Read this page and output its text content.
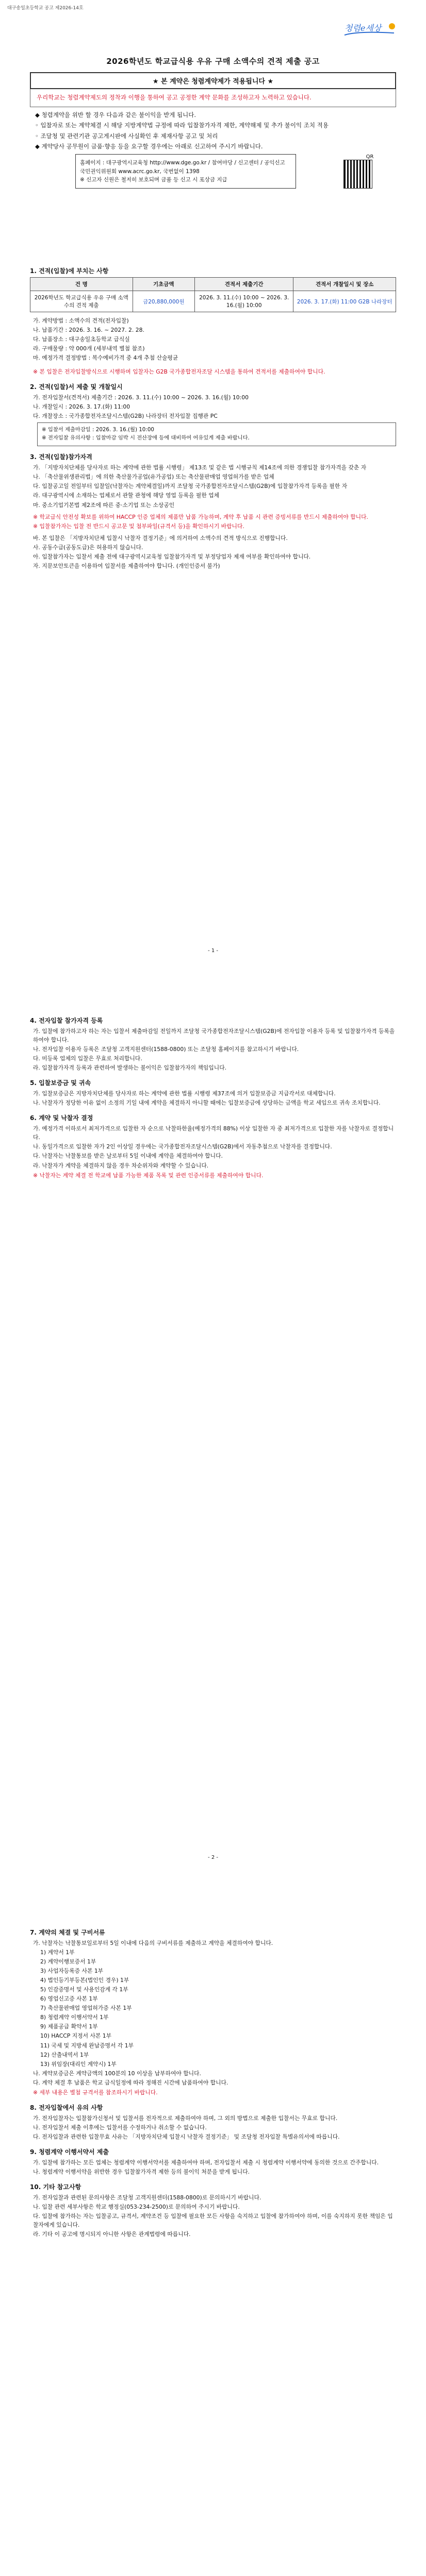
대구송일초등학교 공고 제2026-14호
청렴e세상
2026학년도 학교급식용 우유 구매 소액수의 견적 제출 공고
★ 본 계약은 청렴계약제가 적용됩니다 ★
우리학교는 청렴계약제도의 정착과 이행을 통하여 공고 공정한 계약 문화를 조성하고자 노력하고 있습니다.

◆ 청렴계약을 위반 할 경우 다음과 같은 불이익을 받게 됩니다.

◦ 입찰자로 또는 계약체결 시 해당 지방계약법 규정에 따라 입찰참가자격 제한, 계약해제 및 추가 불이익 조치 적용

◦ 조달청 및 관련기관 공고게시판에 사실확인 후 제재사항 공고 및 처리

◆ 계약당사 공무원이 금품·향응 등을 요구할 경우에는 아래로 신고하여 주시기 바랍니다.

홈페이지 : 대구광역시교육청 http://www.dge.go.kr / 참여마당 / 신고센터 / 공익신고
국민권익위원회 www.acrc.go.kr, 국번없이 1398
※ 신고자 신원은 철저히 보호되며 금품 등 신고 시 포상금 지급
QR
1. 견적(입찰)에 부치는 사항
건 명	기초금액	견적서 제출기간	견적서 개찰일시 및 장소
2026학년도 학교급식용 우유 구매 소액수의 견적 제출	금20,880,000원	2026. 3. 11.(수) 10:00 ~ 2026. 3. 16.(월) 10:00	2026. 3. 17.(화) 11:00 G2B 나라장터

가. 계약방법 : 소액수의 견적(전자입찰)

나. 납품기간 : 2026. 3. 16. ~ 2027. 2. 28.

다. 납품장소 : 대구송일초등학교 급식실

라. 구매물량 : 약 000개 (세부내역 별첨 참조)

마. 예정가격 결정방법 : 복수예비가격 중 4개 추첨 산술평균

※ 본 입찰은 전자입찰방식으로 시행하며 입찰자는 G2B 국가종합전자조달 시스템을 통하여 견적서를 제출하여야 합니다.
2. 견적(입찰)서 제출 및 개찰일시

가. 전자입찰서(견적서) 제출기간 : 2026. 3. 11.(수) 10:00 ~ 2026. 3. 16.(월) 10:00

나. 개찰일시 : 2026. 3. 17.(화) 11:00

다. 개찰장소 : 국가종합전자조달시스템(G2B) 나라장터 전자입찰 집행관 PC

※ 입찰서 제출마감일 : 2026. 3. 16.(월) 10:00
※ 전자입찰 유의사항 : 입찰마감 임박 시 전산장애 등에 대비하여 여유있게 제출 바랍니다.
3. 견적(입찰)참가자격

가. 「지방자치단체를 당사자로 하는 계약에 관한 법률 시행령」 제13조 및 같은 법 시행규칙 제14조에 의한 경쟁입찰 참가자격을 갖춘 자

나. 「축산물위생관리법」에 의한 축산물가공업(유가공업) 또는 축산물판매업 영업허가를 받은 업체

다. 입찰공고일 전일부터 입찰일(낙찰자는 계약체결일)까지 조달청 국가종합전자조달시스템(G2B)에 입찰참가자격 등록을 필한 자

라. 대구광역시에 소재하는 업체로서 관할 관청에 해당 영업 등록을 필한 업체

마. 중소기업기본법 제2조에 따른 중·소기업 또는 소상공인

※ 학교급식 안전성 확보를 위하여 HACCP 인증 업체의 제품만 납품 가능하며, 계약 후 납품 시 관련 증빙서류를 반드시 제출하여야 합니다.

※ 입찰참가자는 입찰 전 반드시 공고문 및 첨부파일(규격서 등)을 확인하시기 바랍니다.

바. 본 입찰은 「지방자치단체 입찰시 낙찰자 결정기준」에 의거하여 소액수의 견적 방식으로 진행합니다.

사. 공동수급(공동도급)은 허용하지 않습니다.

아. 입찰참가자는 입찰서 제출 전에 대구광역시교육청 입찰참가자격 및 부정당업자 제재 여부를 확인하여야 합니다.

자. 지문보안토큰을 이용하여 입찰서를 제출하여야 합니다. (개인인증서 불가)

- 1 -
4. 전자입찰 참가자격 등록

가. 입찰에 참가하고자 하는 자는 입찰서 제출마감일 전일까지 조달청 국가종합전자조달시스템(G2B)에 전자입찰 이용자 등록 및 입찰참가자격 등록을 하여야 합니다.

나. 전자입찰 이용자 등록은 조달청 고객지원센터(1588-0800) 또는 조달청 홈페이지를 참고하시기 바랍니다.

다. 미등록 업체의 입찰은 무효로 처리합니다.

라. 입찰참가자격 등록과 관련하여 발생하는 불이익은 입찰참가자의 책임입니다.

5. 입찰보증금 및 귀속

가. 입찰보증금은 지방자치단체를 당사자로 하는 계약에 관한 법률 시행령 제37조에 의거 입찰보증금 지급각서로 대체합니다.

나. 낙찰자가 정당한 이유 없이 소정의 기일 내에 계약을 체결하지 아니할 때에는 입찰보증금에 상당하는 금액을 학교 세입으로 귀속 조치합니다.

6. 계약 및 낙찰자 결정

가. 예정가격 이하로서 최저가격으로 입찰한 자 순으로 낙찰하한율(예정가격의 88%) 이상 입찰한 자 중 최저가격으로 입찰한 자를 낙찰자로 결정합니다.

나. 동일가격으로 입찰한 자가 2인 이상일 경우에는 국가종합전자조달시스템(G2B)에서 자동추첨으로 낙찰자를 결정합니다.

다. 낙찰자는 낙찰통보를 받은 날로부터 5일 이내에 계약을 체결하여야 합니다.

라. 낙찰자가 계약을 체결하지 않을 경우 차순위자와 계약할 수 있습니다.

※ 낙찰자는 계약 체결 전 학교에 납품 가능한 제품 목록 및 관련 인증서류를 제출하여야 합니다.
- 2 -
7. 계약의 체결 및 구비서류

가. 낙찰자는 낙찰통보일로부터 5일 이내에 다음의 구비서류를 제출하고 계약을 체결하여야 합니다.

1) 계약서 1부

2) 계약이행보증서 1부

3) 사업자등록증 사본 1부

4) 법인등기부등본(법인인 경우) 1부

5) 인감증명서 및 사용인감계 각 1부

6) 영업신고증 사본 1부

7) 축산물판매업 영업허가증 사본 1부

8) 청렴계약 이행서약서 1부

9) 제품공급 확약서 1부

10) HACCP 지정서 사본 1부

11) 국세 및 지방세 완납증명서 각 1부

12) 산출내역서 1부

13) 위임장(대리인 계약시) 1부

나. 계약보증금은 계약금액의 100분의 10 이상을 납부하여야 합니다.

다. 계약 체결 후 납품은 학교 급식일정에 따라 정해진 시간에 납품하여야 합니다.

※ 세부 내용은 별첨 규격서를 참조하시기 바랍니다.
8. 전자입찰에서 유의 사항

가. 전자입찰자는 입찰참가신청서 및 입찰서를 전자적으로 제출하여야 하며, 그 외의 방법으로 제출한 입찰서는 무효로 합니다.

나. 전자입찰서 제출 이후에는 입찰서를 수정하거나 취소할 수 없습니다.

다. 전자입찰과 관련한 입찰무효 사유는 「지방자치단체 입찰시 낙찰자 결정기준」 및 조달청 전자입찰 특별유의서에 따릅니다.

9. 청렴계약 이행서약서 제출

가. 입찰에 참가하는 모든 업체는 청렴계약 이행서약서를 제출하여야 하며, 전자입찰서 제출 시 청렴계약 이행서약에 동의한 것으로 간주합니다.

나. 청렴계약 이행서약을 위반한 경우 입찰참가자격 제한 등의 불이익 처분을 받게 됩니다.

10. 기타 참고사항

가. 전자입찰과 관련된 문의사항은 조달청 고객지원센터(1588-0800)로 문의하시기 바랍니다.

나. 입찰 관련 세부사항은 학교 행정실(053-234-2500)로 문의하여 주시기 바랍니다.

다. 입찰에 참가하는 자는 입찰공고, 규격서, 계약조건 등 입찰에 필요한 모든 사항을 숙지하고 입찰에 참가하여야 하며, 이를 숙지하지 못한 책임은 입찰자에게 있습니다.

라. 기타 이 공고에 명시되지 아니한 사항은 관계법령에 따릅니다.
